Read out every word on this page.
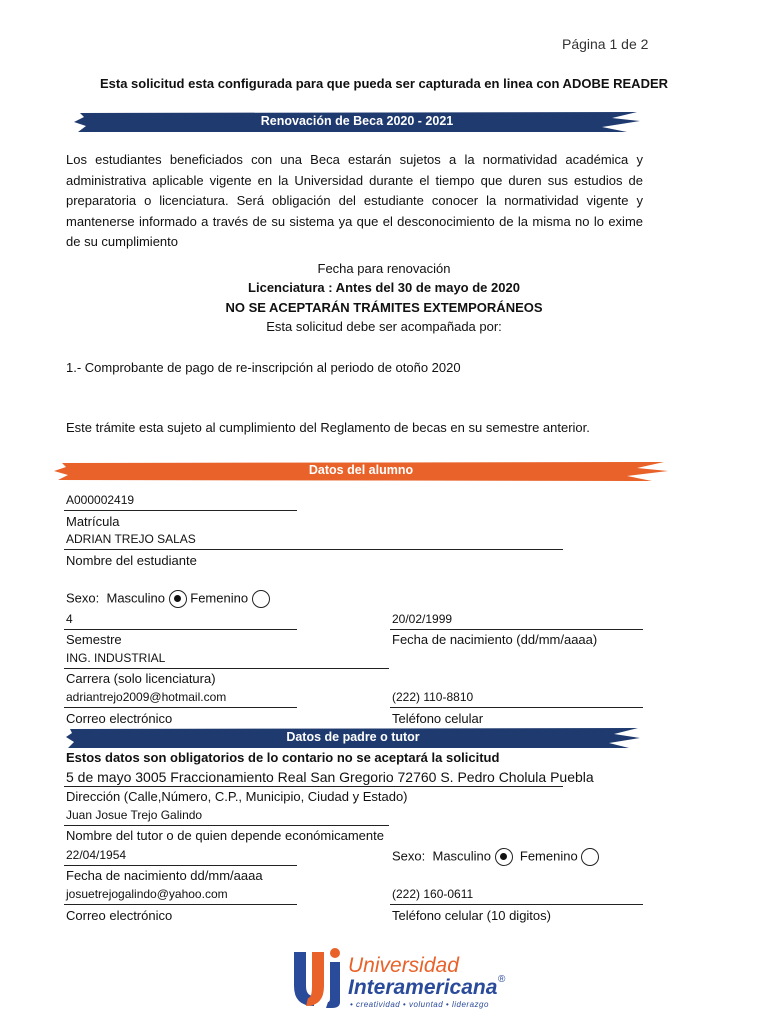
Página 1 de 2
Esta solicitud esta configurada para que pueda ser capturada en linea con ADOBE READER
Renovación de Beca 2020 - 2021
Los estudiantes beneficiados con una Beca estarán sujetos a la normatividad académica y administrativa aplicable vigente en la Universidad durante el tiempo que duren sus estudios de preparatoria o licenciatura. Será obligación del estudiante conocer la normatividad vigente y mantenerse informado a través de su sistema ya que el desconocimiento de la misma no lo exime de su cumplimiento
Fecha para renovación
Licenciatura : Antes del 30 de mayo de 2020
NO SE ACEPTARÁN TRÁMITES EXTEMPORÁNEOS
Esta solicitud debe ser acompañada por:
1.- Comprobante de pago de re-inscripción al periodo de otoño 2020
Este trámite esta sujeto al cumplimiento del Reglamento de becas en su semestre anterior.
Datos del alumno
A000002419
Matrícula
ADRIAN TREJO SALAS
Nombre del estudiante
Sexo: Masculino Femenino
4
Semestre
20/02/1999
Fecha de nacimiento (dd/mm/aaaa)
ING. INDUSTRIAL
Carrera (solo licenciatura)
adriantrejo2009@hotmail.com
Correo electrónico
(222) 110-8810
Teléfono celular
Datos de padre o tutor
Estos datos son obligatorios de lo contario no se aceptará la solicitud
5 de mayo 3005 Fraccionamiento Real San Gregorio 72760 S. Pedro Cholula Puebla
Dirección (Calle,Número, C.P., Municipio, Ciudad y Estado)
Juan Josue Trejo Galindo
Nombre del tutor o de quien depende económicamente
22/04/1954
Fecha de nacimiento dd/mm/aaaa
Sexo: Masculino Femenino
josuetrejogalindo@yahoo.com
Correo electrónico
(222) 160-0611
Teléfono celular (10 digitos)
Universidad
Interamericana ®
• creatividad • voluntad • liderazgo
